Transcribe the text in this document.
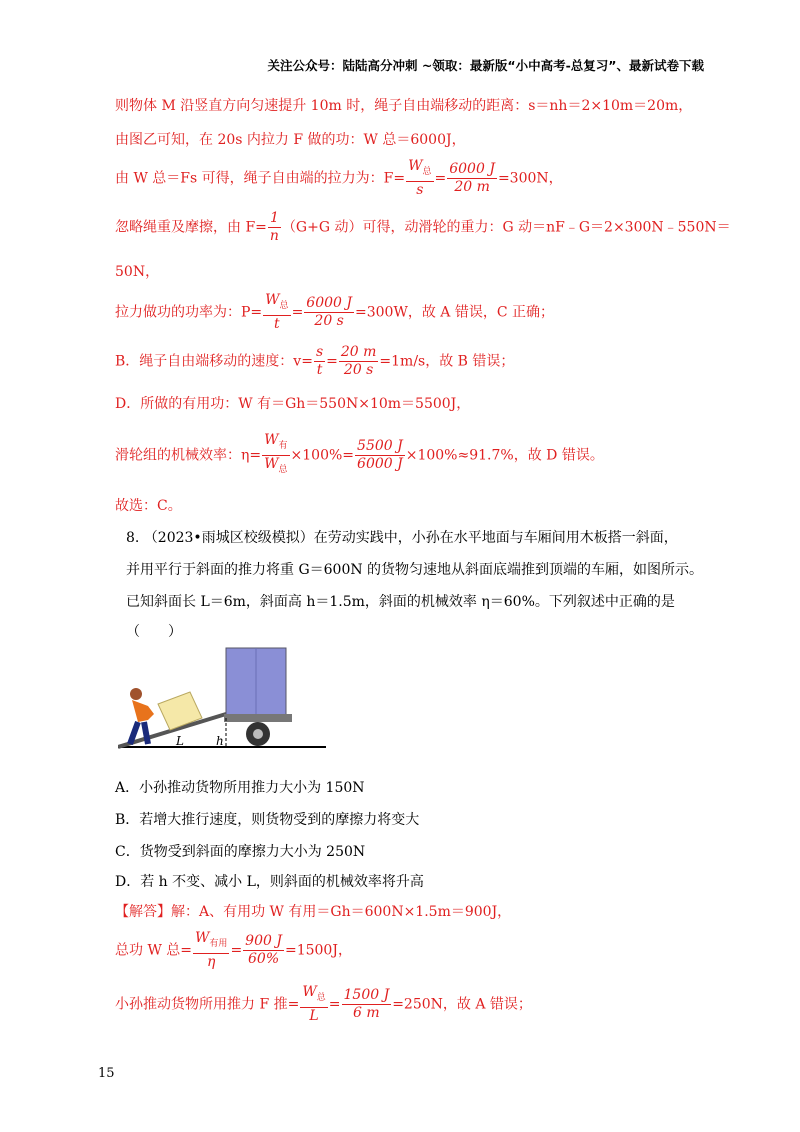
关注公众号：陆陆高分冲刺 ~领取：最新版“小中高考-总复习”、最新试卷下载
则物体 M 沿竖直方向匀速提升 10m 时，绳子自由端移动的距离：s＝nh＝2×10m＝20m，
由图乙可知，在 20s 内拉力 F 做的功：W 总＝6000J，
由 W 总＝Fs 可得，绳子自由端的拉力为：$F= \frac{W_总}{s} = \frac{6000 J}{20 m} =300N$，
忽略绳重及摩擦，由 $F= \frac{1}{n} (G+G$ 动）可得，动滑轮的重力：G 动＝nF﹣G＝2×300N﹣550N＝
50N，
拉力做功的功率为：$P= \frac{W_总}{t} = \frac{6000 J}{20 s} =300W$，故 A 错误，C 正确；
B．绳子自由端移动的速度：$v= \frac{s}{t} = \frac{20 m}{20 s} =1m/s$，故 B 错误；
D．所做的有用功：W 有＝Gh＝550N×10m＝5500J，
滑轮组的机械效率：$\eta= \frac{W_有}{W_总} \times 100\%= \frac{5500 J}{6000 J} \times 100\%\approx 91.7\%$，故 D 错误。
故选：C。
8. （2023•雨城区校级模拟）在劳动实践中，小孙在水平地面与车厢间用木板搭一斜面，
并用平行于斜面的推力将重 G＝600N 的货物匀速地从斜面底端推到顶端的车厢，如图所示。
已知斜面长 L＝6m，斜面高 h＝1.5m，斜面的机械效率 η＝60%。下列叙述中正确的是
（　　）
L	h
A．小孙推动货物所用推力大小为 150N
B．若增大推行速度，则货物受到的摩擦力将变大
C．货物受到斜面的摩擦力大小为 250N
D．若 h 不变、减小 L，则斜面的机械效率将升高
【解答】解：A、有用功 W 有用＝Gh＝600N×1.5m＝900J，
总功 W 总= $\frac{W_{有用}}{\eta} = \frac{900 J}{60\%} =1500J$，
小孙推动货物所用推力 F 推= $\frac{W_总}{L} = \frac{1500 J}{6 m} =250N$，故 A 错误；
15
